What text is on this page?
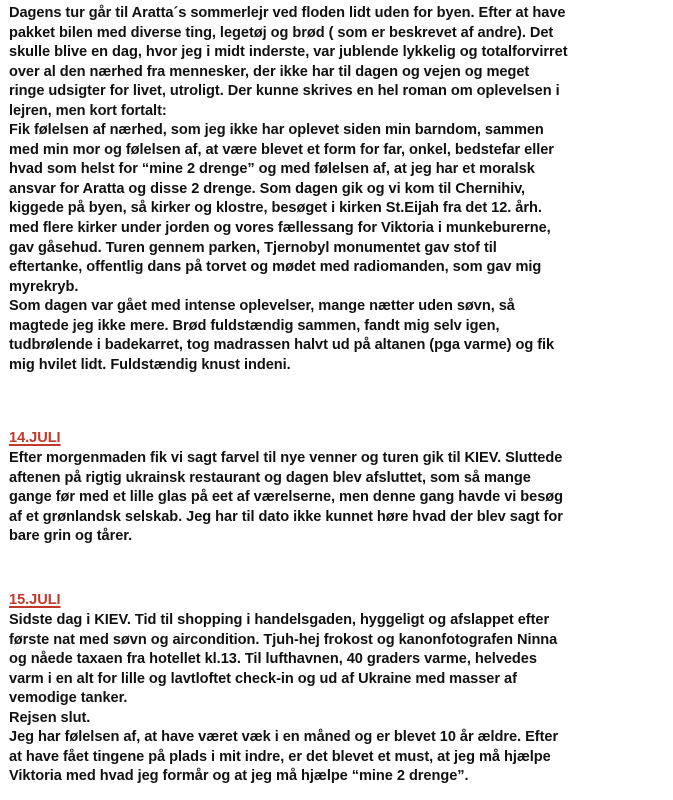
Dagens tur går til Aratta´s sommerlejr ved floden lidt uden for byen. Efter at have
pakket bilen med diverse ting, legetøj og brød ( som er beskrevet af andre). Det
skulle blive en dag, hvor jeg i midt inderste, var jublende lykkelig og totalforvirret
over al den nærhed fra mennesker, der ikke har til dagen og vejen og meget
ringe udsigter for livet, utroligt. Der kunne skrives en hel roman om oplevelsen i
lejren, men kort fortalt:
Fik følelsen af nærhed, som jeg ikke har oplevet siden min barndom, sammen
med min mor og følelsen af, at være blevet et form for far, onkel, bedstefar eller
hvad som helst for “mine 2 drenge” og med følelsen af, at jeg har et moralsk
ansvar for Aratta og disse 2 drenge. Som dagen gik og vi kom til Chernihiv,
kiggede på byen, så kirker og klostre, besøget i kirken St.Eijah fra det 12. årh.
med flere kirker under jorden og vores fællessang for Viktoria i munkeburerne,
gav gåsehud. Turen gennem parken, Tjernobyl monumentet gav stof til
eftertanke, offentlig dans på torvet og mødet med radiomanden, som gav mig
myrekryb.
Som dagen var gået med intense oplevelser, mange nætter uden søvn, så
magtede jeg ikke mere. Brød fuldstændig sammen, fandt mig selv igen,
tudbrølende i badekarret, tog madrassen halvt ud på altanen (pga varme) og fik
mig hvilet lidt. Fuldstændig knust indeni.
14.JULI
Efter morgenmaden fik vi sagt farvel til nye venner og turen gik til KIEV. Sluttede
aftenen på rigtig ukrainsk restaurant og dagen blev afsluttet, som så mange
gange før med et lille glas på eet af værelserne, men denne gang havde vi besøg
af et grønlandsk selskab. Jeg har til dato ikke kunnet høre hvad der blev sagt for
bare grin og tårer.
15.JULI
Sidste dag i KIEV. Tid til shopping i handelsgaden, hyggeligt og afslappet efter
første nat med søvn og aircondition. Tjuh-hej frokost og kanonfotografen Ninna
og nåede taxaen fra hotellet kl.13. Til lufthavnen, 40 graders varme, helvedes
varm i en alt for lille og lavtloftet check-in og ud af Ukraine med masser af
vemodige tanker.
Rejsen slut.
Jeg har følelsen af, at have været væk i en måned og er blevet 10 år ældre. Efter
at have fået tingene på plads i mit indre, er det blevet et must, at jeg må hjælpe
Viktoria med hvad jeg formår og at jeg må hjælpe “mine 2 drenge”.
